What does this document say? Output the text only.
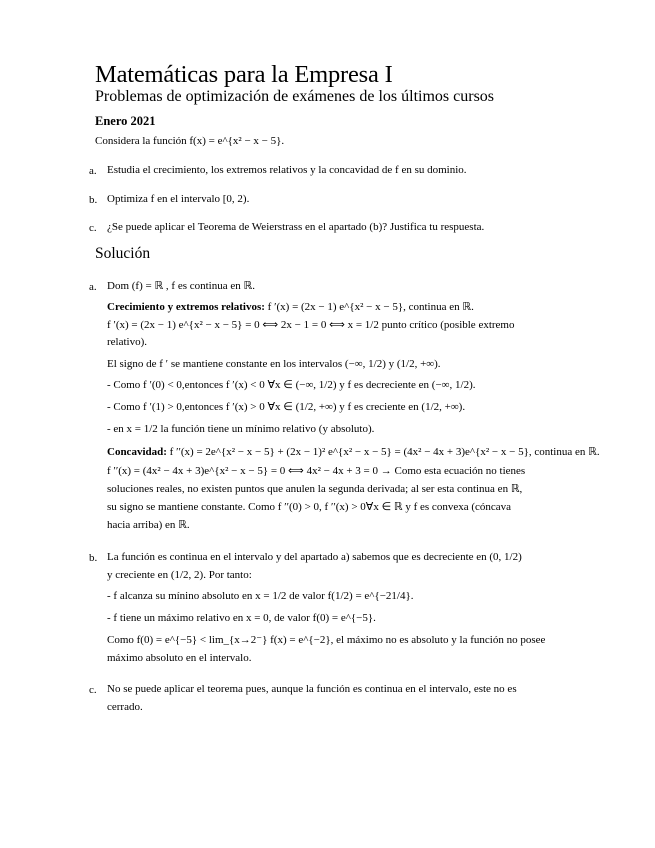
Matemáticas para la Empresa I
Problemas de optimización de exámenes de los últimos cursos
Enero 2021
Considera la función f(x) = e^{x² − x − 5}.
a. Estudia el crecimiento, los extremos relativos y la concavidad de f en su dominio.
b. Optimiza f en el intervalo [0, 2).
c. ¿Se puede aplicar el Teorema de Weierstrass en el apartado (b)? Justifica tu respuesta.
Solución
a. Dom (f) = ℝ , f es continua en ℝ.
Crecimiento y extremos relativos: f ′(x) = (2x − 1) e^{x² − x − 5}, continua en ℝ.
f ′(x) = (2x − 1) e^{x² − x − 5} = 0 ⟺ 2x − 1 = 0 ⟺ x = 1/2 punto crítico (posible extremo
relativo).
El signo de f ′ se mantiene constante en los intervalos (−∞, 1/2) y (1/2, +∞).
- Como f ′(0) < 0,entonces f ′(x) < 0 ∀x ∈ (−∞, 1/2) y f es decreciente en (−∞, 1/2).
- Como f ′(1) > 0,entonces f ′(x) > 0 ∀x ∈ (1/2, +∞) y f es creciente en (1/2, +∞).
- en x = 1/2 la función tiene un mínimo relativo (y absoluto).
Concavidad: f ′′(x) = 2e^{x² − x − 5} + (2x − 1)² e^{x² − x − 5} = (4x² − 4x + 3)e^{x² − x − 5}, continua en ℝ.
f ′′(x) = (4x² − 4x + 3)e^{x² − x − 5} = 0 ⟺ 4x² − 4x + 3 = 0 → Como esta ecuación no tienes
soluciones reales, no existen puntos que anulen la segunda derivada; al ser esta continua en ℝ,
su signo se mantiene constante. Como f ′′(0) > 0, f ′′(x) > 0∀x ∈ ℝ y f es convexa (cóncava
hacia arriba) en ℝ.
b. La función es continua en el intervalo y del apartado a) sabemos que es decreciente en (0, 1/2)
y creciente en (1/2, 2). Por tanto:
- f alcanza su mínino absoluto en x = 1/2 de valor f(1/2) = e^{−21/4}.
- f tiene un máximo relativo en x = 0, de valor f(0) = e^{−5}.
Como f(0) = e^{−5} < lim_{x→2⁻} f(x) = e^{−2}, el máximo no es absoluto y la función no posee
máximo absoluto en el intervalo.
c. No se puede aplicar el teorema pues, aunque la función es continua en el intervalo, este no es
cerrado.
